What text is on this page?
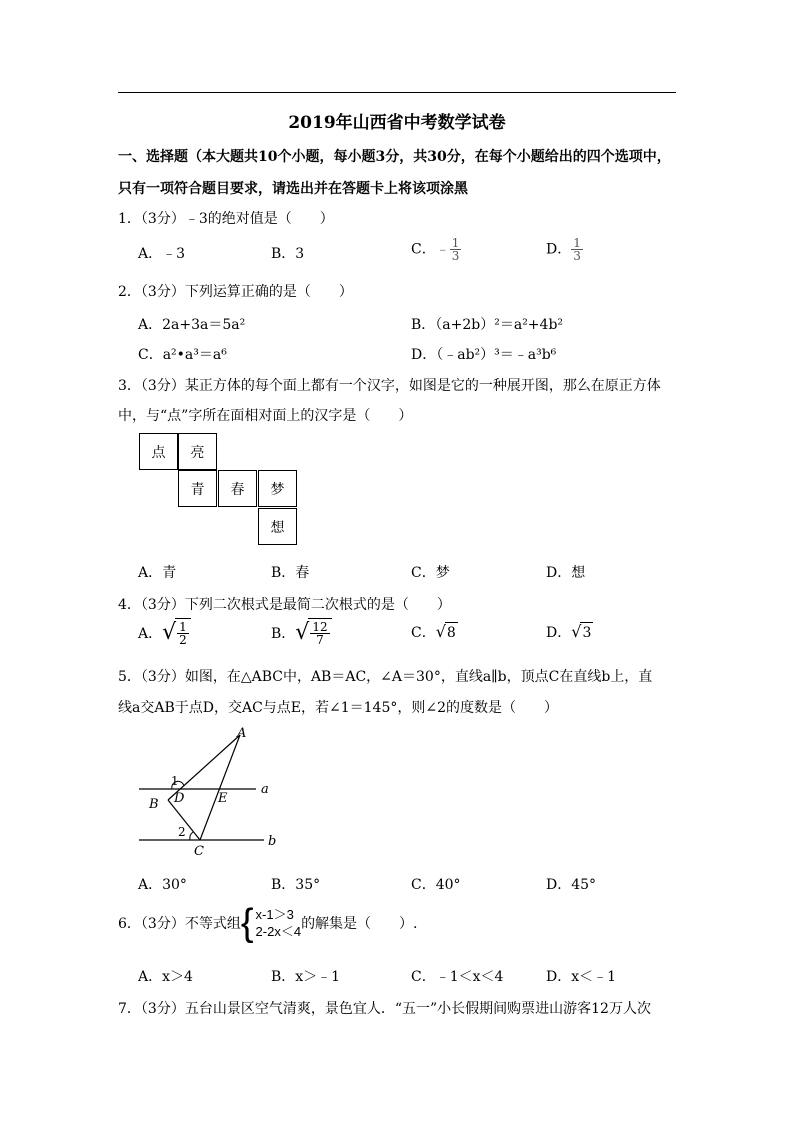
2019年山西省中考数学试卷
一、选择题（本大题共10个小题，每小题3分，共30分，在每个小题给出的四个选项中，
只有一项符合题目要求，请选出并在答题卡上将该项涂黑
1．（3分）﹣3的绝对值是（　　）
A．﹣3	B．3	C．﹣ $\frac{1}{3}$	D． $\frac{1}{3}$
2．（3分）下列运算正确的是（　　）
A．2a+3a＝5a²	B．（a+2b）²＝a²+4b²
C．a²•a³＝a⁶	D．（﹣ab²）³＝﹣a³b⁶
3．（3分）某正方体的每个面上都有一个汉字，如图是它的一种展开图，那么在原正方体
中，与“点”字所在面相对面上的汉字是（　　）
点	亮
青	春	梦
想
A．青	B．春	C．梦	D．想
4．（3分）下列二次根式是最简二次根式的是（　　）
A． √ $\frac{1}{2}$	B． √ $\frac{12}{7}$	C． √ 8	D． √ 3
5．（3分）如图，在△ABC中，AB＝AC，∠A＝30°，直线a∥b，顶点C在直线b上，直
线a交AB于点D，交AC与点E，若∠1＝145°，则∠2的度数是（　　）
A
B
C
D	E
a
b
1
2
A．30°	B．35°	C．40°	D．45°
6．（3分）不等式组 { x-1＞3
2-2x＜4 的解集是（　　）.
A．x＞4	B．x＞﹣1	C．﹣1＜x＜4	D．x＜﹣1
7．（3分）五台山景区空气清爽，景色宜人．“五一”小长假期间购票进山游客12万人次
